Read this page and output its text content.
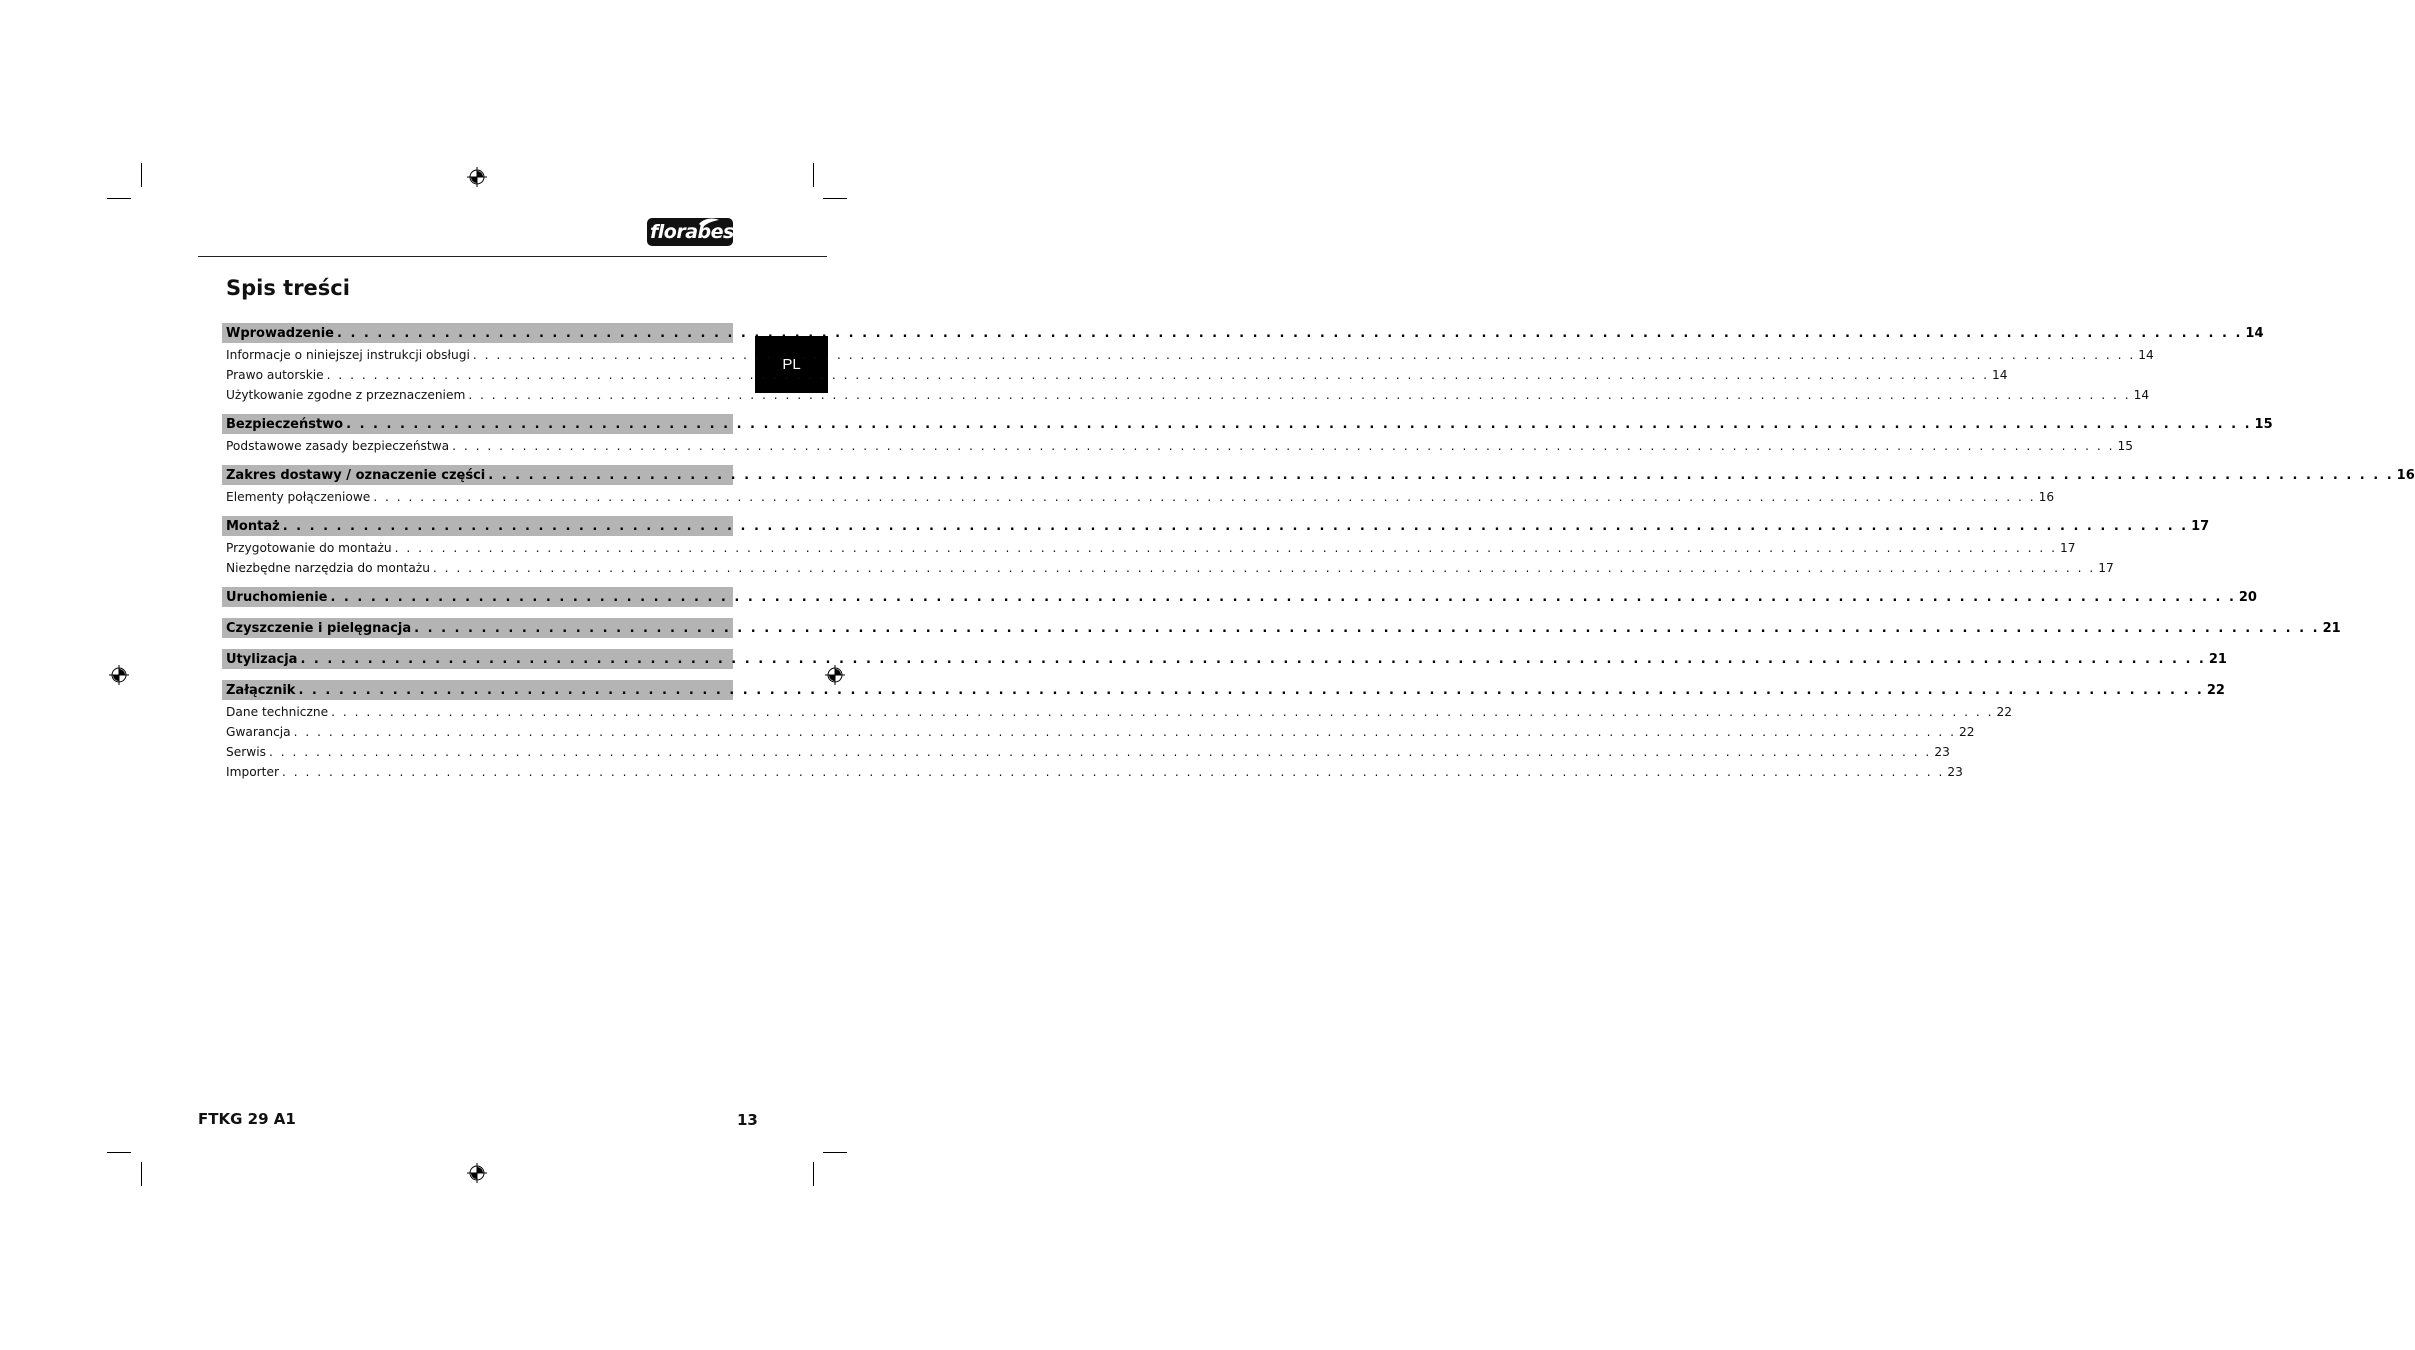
florabest
PL
Spis treści
Wprowadzenie . . .	14
Informacje o niniejszej instrukcji obsługi . . .	14
Prawo autorskie . . .	14
Użytkowanie zgodne z przeznaczeniem . . .	14
Bezpieczeństwo . . .	15
Podstawowe zasady bezpieczeństwa . . .	15
Zakres dostawy / oznaczenie części . . .	16
Elementy połączeniowe . . .	16
Montaż . . .	17
Przygotowanie do montażu . . .	17
Niezbędne narzędzia do montażu . . .	17
Uruchomienie . . .	20
Czyszczenie i pielęgnacja . . .	21
Utylizacja . . .	21
Załącznik . . .	22
Dane techniczne . . .	22
Gwarancja . . .	22
Serwis . . .	23
Importer . . .	23
FTKG 29 A1	13
